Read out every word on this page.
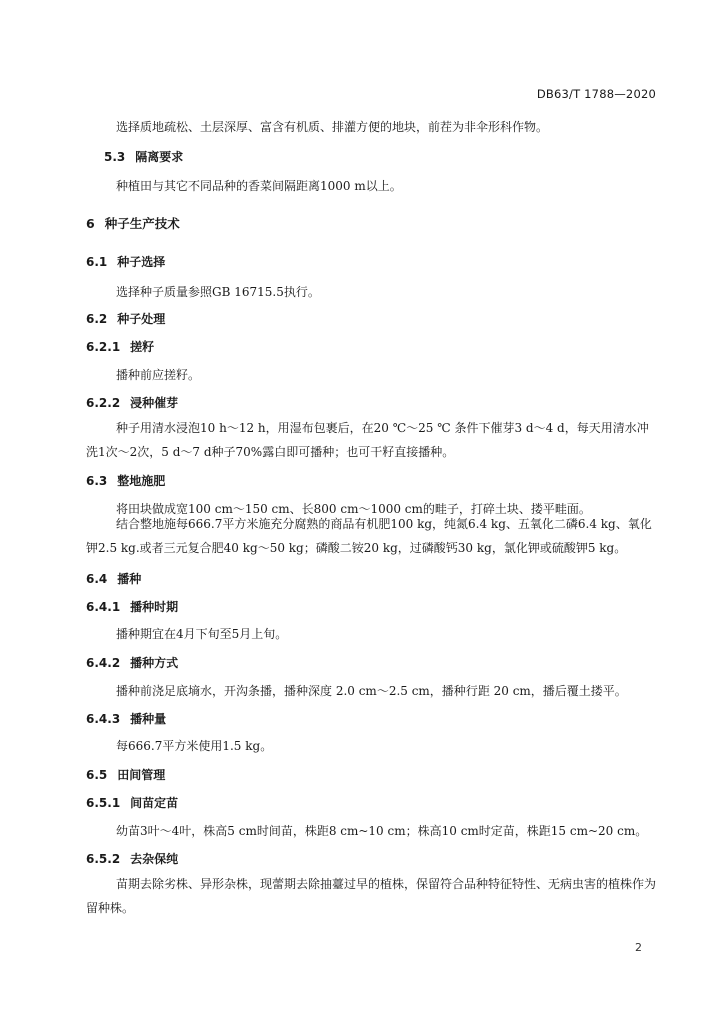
DB63/T 1788—2020
选择质地疏松、土层深厚、富含有机质、排灌方便的地块，前茬为非伞形科作物。
5.3 隔离要求
种植田与其它不同品种的香菜间隔距离1000 m以上。
6 种子生产技术
6.1 种子选择
选择种子质量参照GB 16715.5执行。
6.2 种子处理
6.2.1 搓籽
播种前应搓籽。
6.2.2 浸种催芽
种子用清水浸泡10 h～12 h，用湿布包裹后，在20 ℃～25 ℃ 条件下催芽3 d～4 d，每天用清水冲洗1次～2次，5 d～7 d种子70%露白即可播种；也可干籽直接播种。
6.3 整地施肥
将田块做成宽100 cm～150 cm、长800 cm～1000 cm的畦子，打碎土块、搂平畦面。
结合整地施每666.7平方米施充分腐熟的商品有机肥100 kg，纯氮6.4 kg、五氧化二磷6.4 kg、氧化钾2.5 kg.或者三元复合肥40 kg～50 kg；磷酸二铵20 kg，过磷酸钙30 kg，氯化钾或硫酸钾5 kg。
6.4 播种
6.4.1 播种时期
播种期宜在4月下旬至5月上旬。
6.4.2 播种方式
播种前浇足底墒水，开沟条播，播种深度 2.0 cm～2.5 cm，播种行距 20 cm，播后覆土搂平。
6.4.3 播种量
每666.7平方米使用1.5 kg。
6.5 田间管理
6.5.1 间苗定苗
幼苗3叶～4叶，株高5 cm时间苗，株距8 cm~10 cm；株高10 cm时定苗，株距15 cm~20 cm。
6.5.2 去杂保纯
苗期去除劣株、异形杂株，现蕾期去除抽薹过早的植株，保留符合品种特征特性、无病虫害的植株作为留种株。
2
